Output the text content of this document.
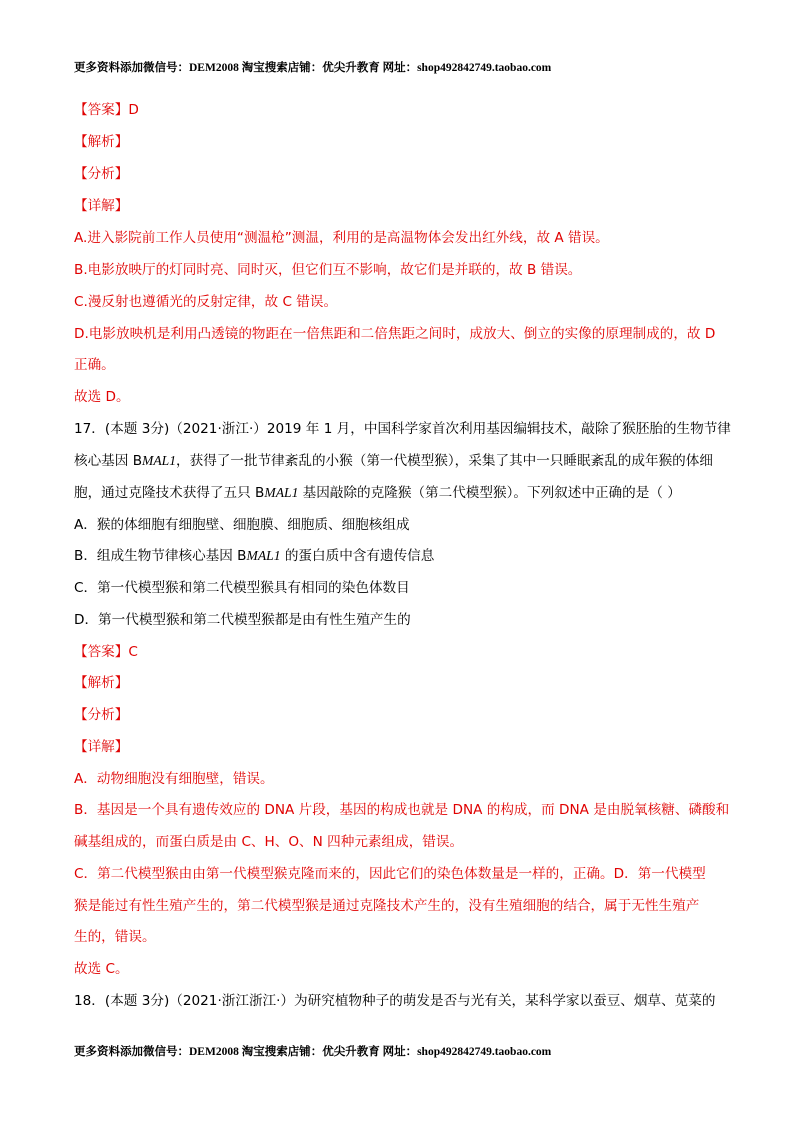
更多资料添加微信号：DEM2008 淘宝搜索店铺：优尖升教育 网址：shop492842749.taobao.com
【答案】D
【解析】
【分析】
【详解】
A.进入影院前工作人员使用“测温枪”测温，利用的是高温物体会发出红外线，故 A 错误。
B.电影放映厅的灯同时亮、同时灭，但它们互不影响，故它们是并联的，故 B 错误。
C.漫反射也遵循光的反射定律，故 C 错误。
D.电影放映机是利用凸透镜的物距在一倍焦距和二倍焦距之间时，成放大、倒立的实像的原理制成的，故 D
正确。
故选 D。
17．(本题 3分)（2021·浙江·）2019 年 1 月，中国科学家首次利用基因编辑技术，敲除了猴胚胎的生物节律
核心基因 BMAL1，获得了一批节律紊乱的小猴（第一代模型猴），采集了其中一只睡眠紊乱的成年猴的体细
胞，通过克隆技术获得了五只 BMAL1 基因敲除的克隆猴（第二代模型猴）。下列叙述中正确的是（ ）
A．猴的体细胞有细胞壁、细胞膜、细胞质、细胞核组成
B．组成生物节律核心基因 BMAL1 的蛋白质中含有遗传信息
C．第一代模型猴和第二代模型猴具有相同的染色体数目
D．第一代模型猴和第二代模型猴都是由有性生殖产生的
【答案】C
【解析】
【分析】
【详解】
A．动物细胞没有细胞壁，错误。
B．基因是一个具有遗传效应的 DNA 片段，基因的构成也就是 DNA 的构成，而 DNA 是由脱氧核糖、磷酸和
碱基组成的，而蛋白质是由 C、H、O、N 四种元素组成，错误。
C．第二代模型猴由由第一代模型猴克隆而来的，因此它们的染色体数量是一样的，正确。D．第一代模型
猴是能过有性生殖产生的，第二代模型猴是通过克隆技术产生的，没有生殖细胞的结合，属于无性生殖产
生的，错误。
故选 C。
18．(本题 3分)（2021·浙江浙江·）为研究植物种子的萌发是否与光有关，某科学家以蚕豆、烟草、苋菜的
更多资料添加微信号：DEM2008 淘宝搜索店铺：优尖升教育 网址：shop492842749.taobao.com
